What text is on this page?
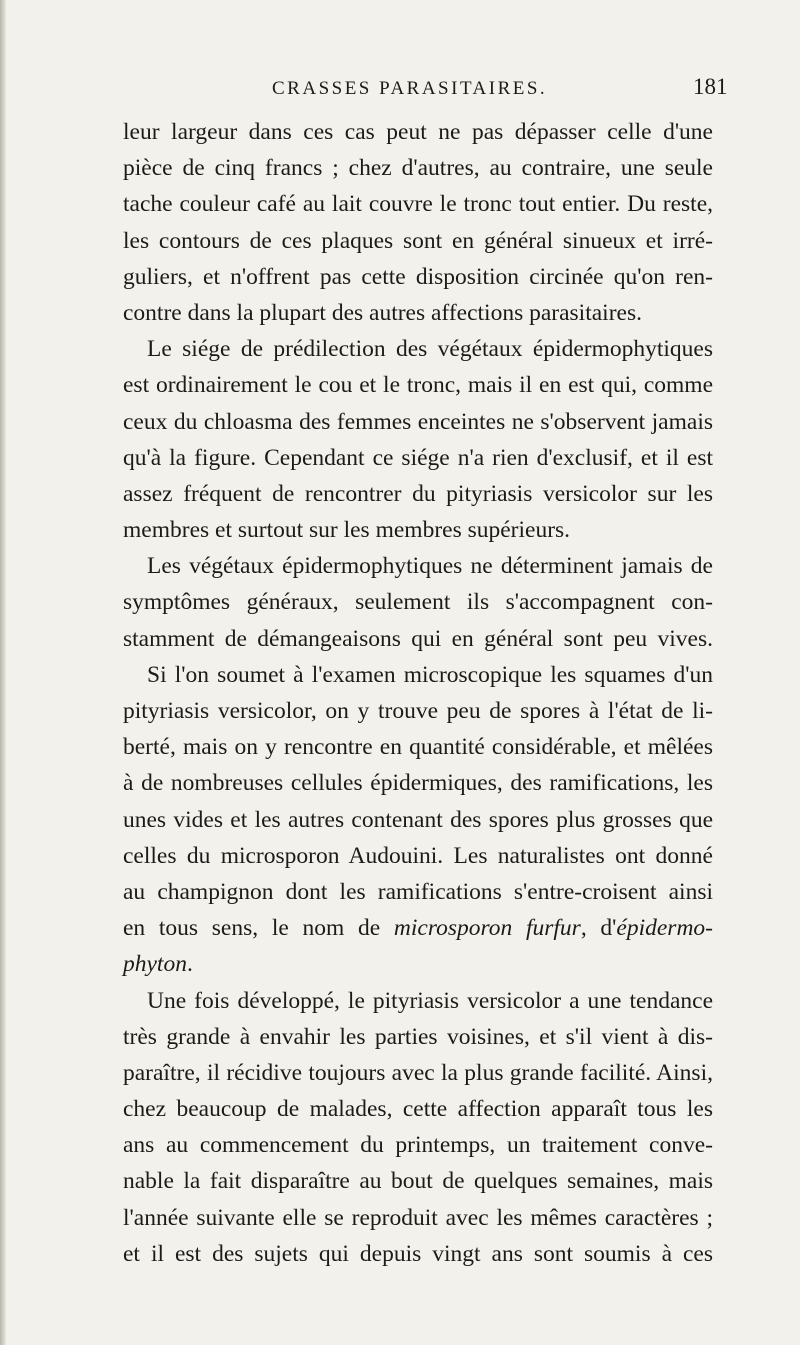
CRASSES PARASITAIRES.	181
leur largeur dans ces cas peut ne pas dépasser celle d'une
pièce de cinq francs ; chez d'autres, au contraire, une seule
tache couleur café au lait couvre le tronc tout entier. Du reste,
les contours de ces plaques sont en général sinueux et irré-
guliers, et n'offrent pas cette disposition circinée qu'on ren-
contre dans la plupart des autres affections parasitaires.
Le siége de prédilection des végétaux épidermophytiques
est ordinairement le cou et le tronc, mais il en est qui, comme
ceux du chloasma des femmes enceintes ne s'observent jamais
qu'à la figure. Cependant ce siége n'a rien d'exclusif, et il est
assez fréquent de rencontrer du pityriasis versicolor sur les
membres et surtout sur les membres supérieurs.
Les végétaux épidermophytiques ne déterminent jamais de
symptômes généraux, seulement ils s'accompagnent con-
stamment de démangeaisons qui en général sont peu vives.
Si l'on soumet à l'examen microscopique les squames d'un
pityriasis versicolor, on y trouve peu de spores à l'état de li-
berté, mais on y rencontre en quantité considérable, et mêlées
à de nombreuses cellules épidermiques, des ramifications, les
unes vides et les autres contenant des spores plus grosses que
celles du microsporon Audouini. Les naturalistes ont donné
au champignon dont les ramifications s'entre-croisent ainsi
en tous sens, le nom de microsporon furfur, d'épidermo-
phyton.
Une fois développé, le pityriasis versicolor a une tendance
très grande à envahir les parties voisines, et s'il vient à dis-
paraître, il récidive toujours avec la plus grande facilité. Ainsi,
chez beaucoup de malades, cette affection apparaît tous les
ans au commencement du printemps, un traitement conve-
nable la fait disparaître au bout de quelques semaines, mais
l'année suivante elle se reproduit avec les mêmes caractères ;
et il est des sujets qui depuis vingt ans sont soumis à ces
